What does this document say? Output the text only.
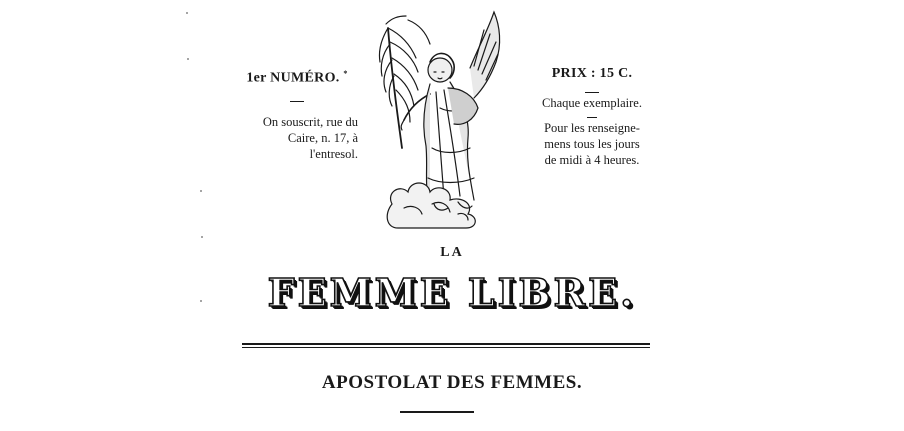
1er NUMÉRO. *
On souscrit, rue du
Caire, n. 17, à
l'entresol.
PRIX : 15 C.
Chaque exemplaire.
Pour les renseigne-
mens tous les jours
de midi à 4 heures.
LA
FEMME LIBRE.
APOSTOLAT DES FEMMES.
